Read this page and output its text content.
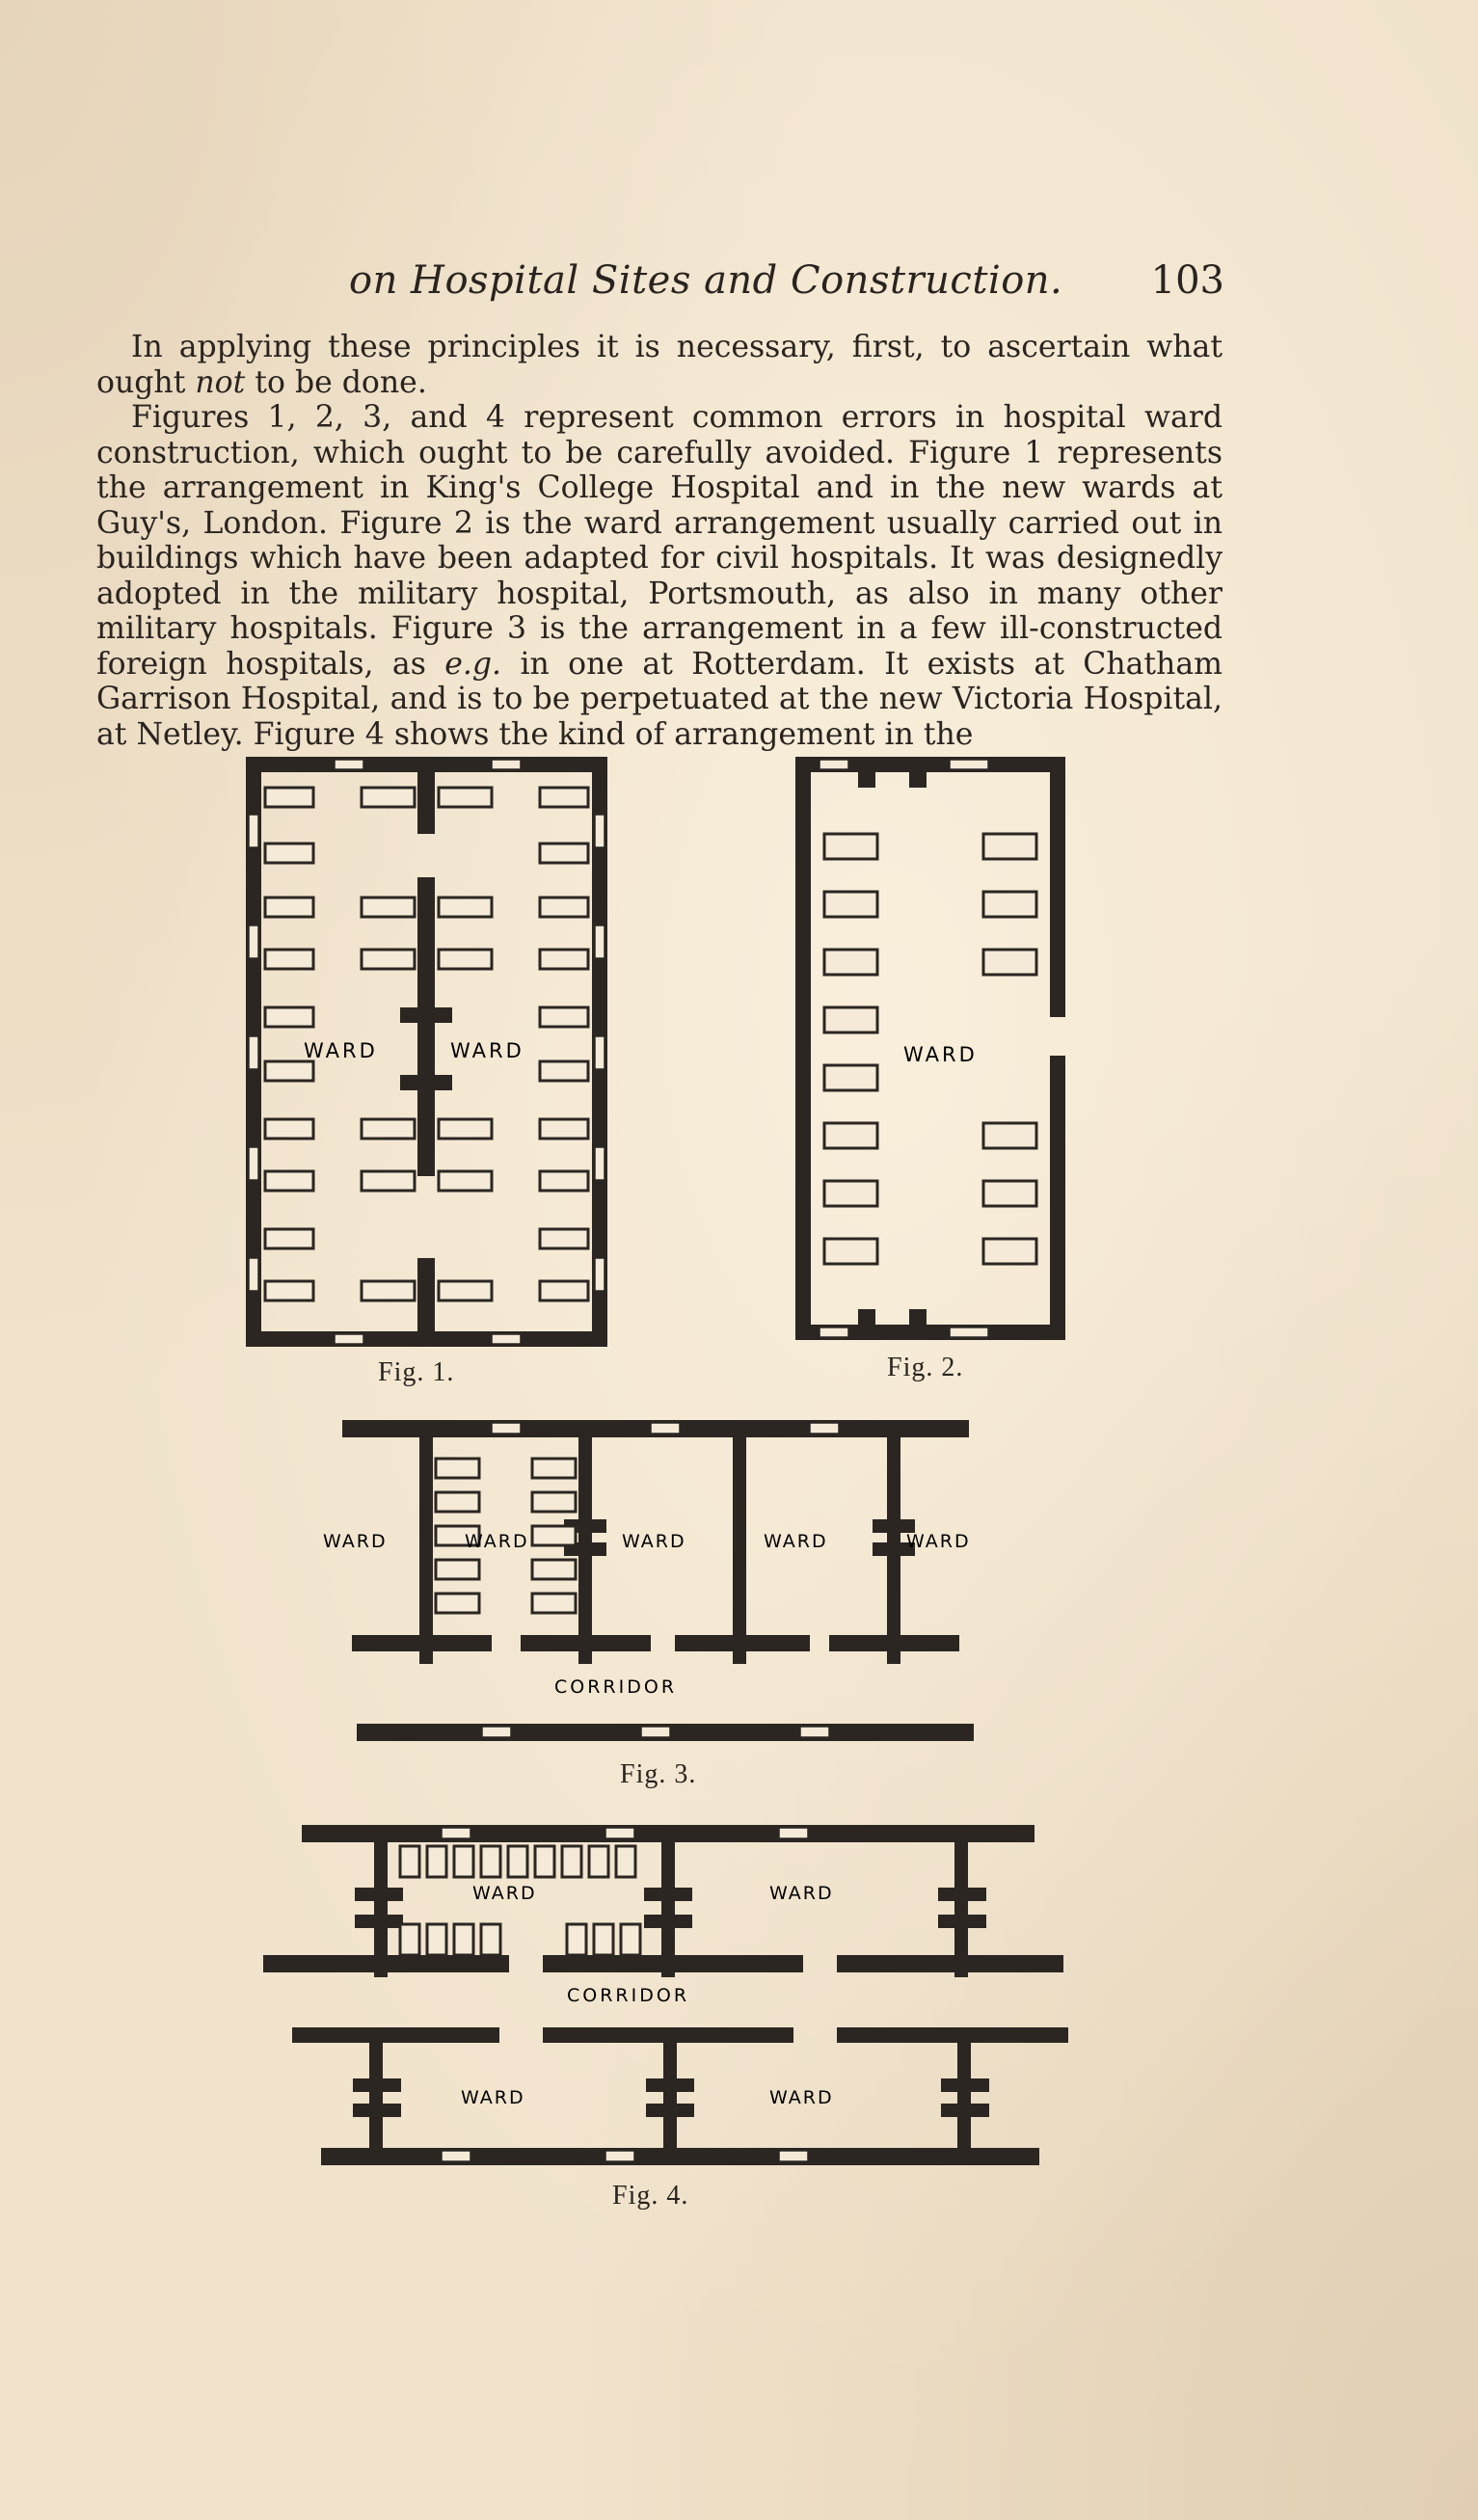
on Hospital Sites and Construction. 103

In applying these principles it is necessary, first, to ascertain what ought not to be done.

Figures 1, 2, 3, and 4 represent common errors in hospital ward construction, which ought to be carefully avoided. Figure 1 represents the arrangement in King's College Hospital and in the new wards at Guy's, London. Figure 2 is the ward arrangement usually carried out in buildings which have been adapted for civil hospitals. It was designedly adopted in the military hospital, Portsmouth, as also in many other military hospitals. Figure 3 is the arrangement in a few ill-constructed foreign hospitals, as e.g. in one at Rotterdam. It exists at Chatham Garrison Hospital, and is to be perpetuated at the new Victoria Hospital, at Netley. Figure 4 shows the kind of arrangement in the

WARD	WARD
Fig. 1.
WARD
Fig. 2.
WARD	WARD	WARD	WARD	WARD
CORRIDOR
Fig. 3.
WARD	WARD
WARD	WARD
CORRIDOR
Fig. 4.
